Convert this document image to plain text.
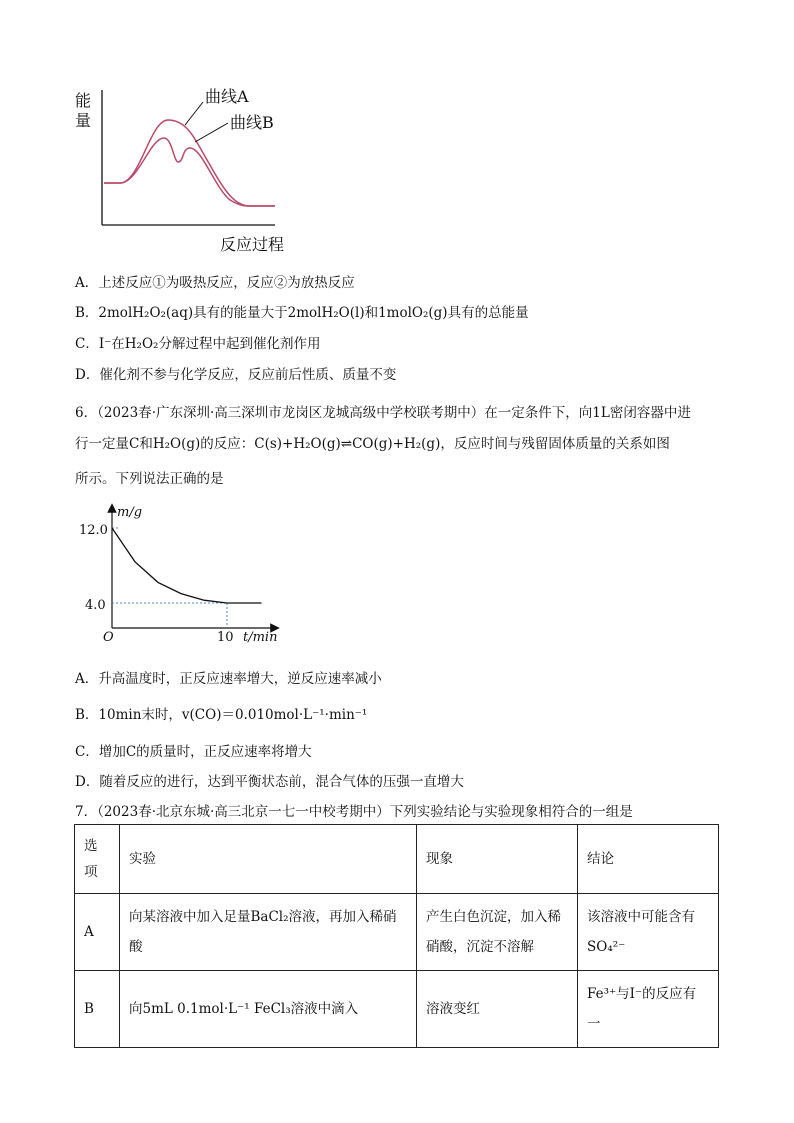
能
量
曲线A
曲线B
反应过程
A．上述反应①为吸热反应，反应②为放热反应
B．2molH₂O₂(aq)具有的能量大于2molH₂O(l)和1molO₂(g)具有的总能量
C．I⁻在H₂O₂分解过程中起到催化剂作用
D．催化剂不参与化学反应，反应前后性质、质量不变
6．（2023春·广东深圳·高三深圳市龙岗区龙城高级中学校联考期中）在一定条件下，向1L密闭容器中进
行一定量C和H₂O(g)的反应：C(s)+H₂O(g)⇌CO(g)+H₂(g)，反应时间与残留固体质量的关系如图
所示。下列说法正确的是
m/g
12.0
4.0
O	10 t/min
A．升高温度时，正反应速率增大，逆反应速率减小
B．10min末时，v(CO)＝0.010mol·L⁻¹·min⁻¹
C．增加C的质量时，正反应速率将增大
D．随着反应的进行，达到平衡状态前，混合气体的压强一直增大
7．（2023春·北京东城·高三北京一七一中校考期中）下列实验结论与实验现象相符合的一组是
选项	实验	现象	结论
A	向某溶液中加入足量BaCl₂溶液，再加入稀硝酸	产生白色沉淀，加入稀硝酸，沉淀不溶解	该溶液中可能含有SO₄²⁻
B	向5mL 0.1mol·L⁻¹ FeCl₃溶液中滴入	溶液变红	Fe³⁺与I⁻的反应有一
